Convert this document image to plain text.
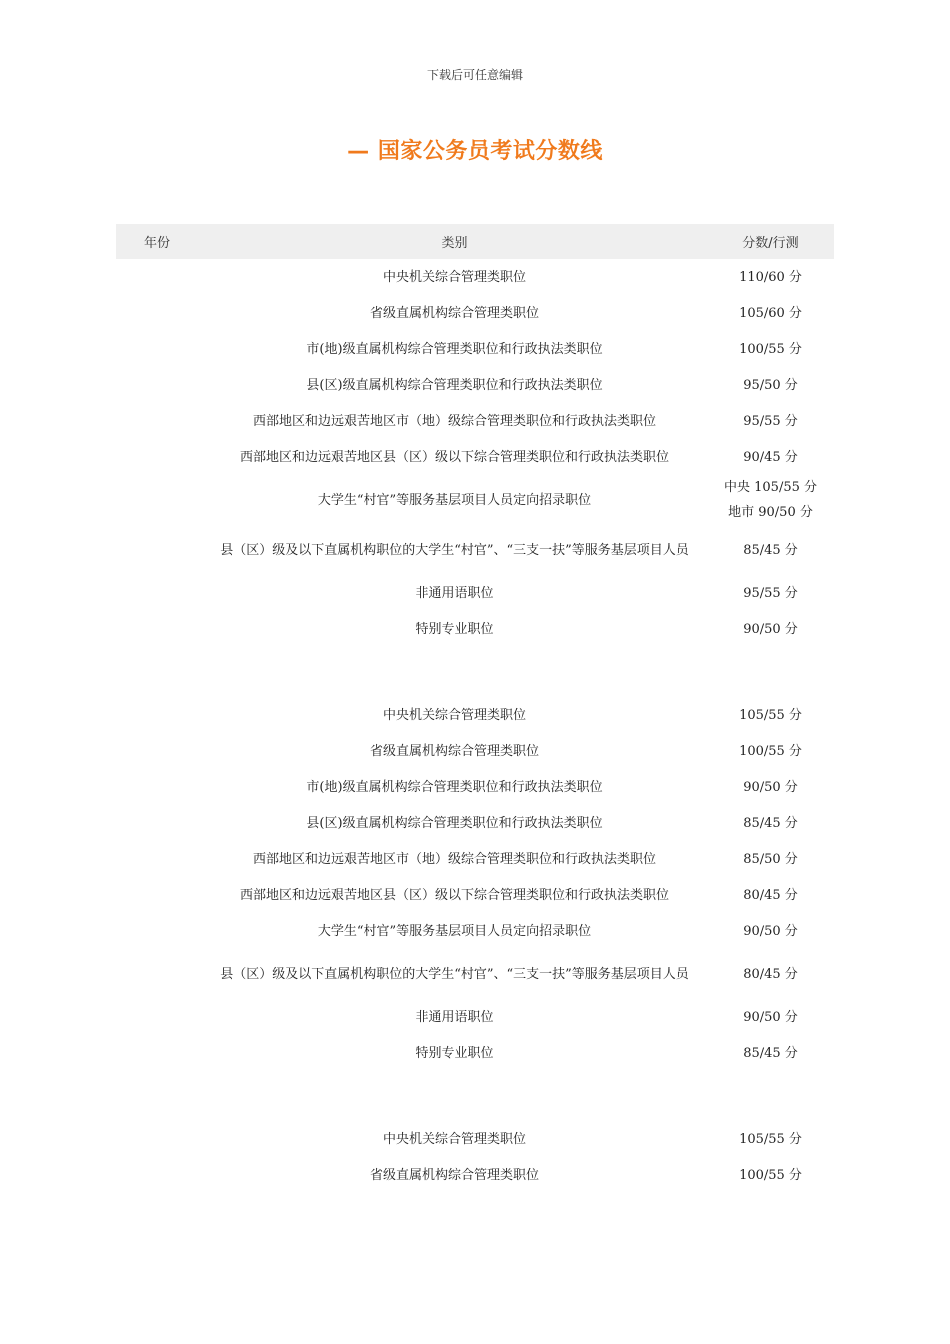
下载后可任意编辑
— 国家公务员考试分数线
年份	类别	分数/行测
	中央机关综合管理类职位	110/60 分
	省级直属机构综合管理类职位	105/60 分
	市(地)级直属机构综合管理类职位和行政执法类职位	100/55 分
	县(区)级直属机构综合管理类职位和行政执法类职位	95/50 分
	西部地区和边远艰苦地区市（地）级综合管理类职位和行政执法类职位	95/55 分
	西部地区和边远艰苦地区县（区）级以下综合管理类职位和行政执法类职位	90/45 分
	大学生“村官”等服务基层项目人员定向招录职位	中央 105/55 分
地市 90/50 分

	县（区）级及以下直属机构职位的大学生“村官”、“三支一扶”等服务基层项目人员	85/45 分
	非通用语职位	95/55 分
	特别专业职位	90/50 分

	中央机关综合管理类职位	105/55 分
	省级直属机构综合管理类职位	100/55 分
	市(地)级直属机构综合管理类职位和行政执法类职位	90/50 分
	县(区)级直属机构综合管理类职位和行政执法类职位	85/45 分
	西部地区和边远艰苦地区市（地）级综合管理类职位和行政执法类职位	85/50 分
	西部地区和边远艰苦地区县（区）级以下综合管理类职位和行政执法类职位	80/45 分
	大学生“村官”等服务基层项目人员定向招录职位	90/50 分
	县（区）级及以下直属机构职位的大学生“村官”、“三支一扶”等服务基层项目人员	80/45 分
	非通用语职位	90/50 分
	特别专业职位	85/45 分

	中央机关综合管理类职位	105/55 分
	省级直属机构综合管理类职位	100/55 分
